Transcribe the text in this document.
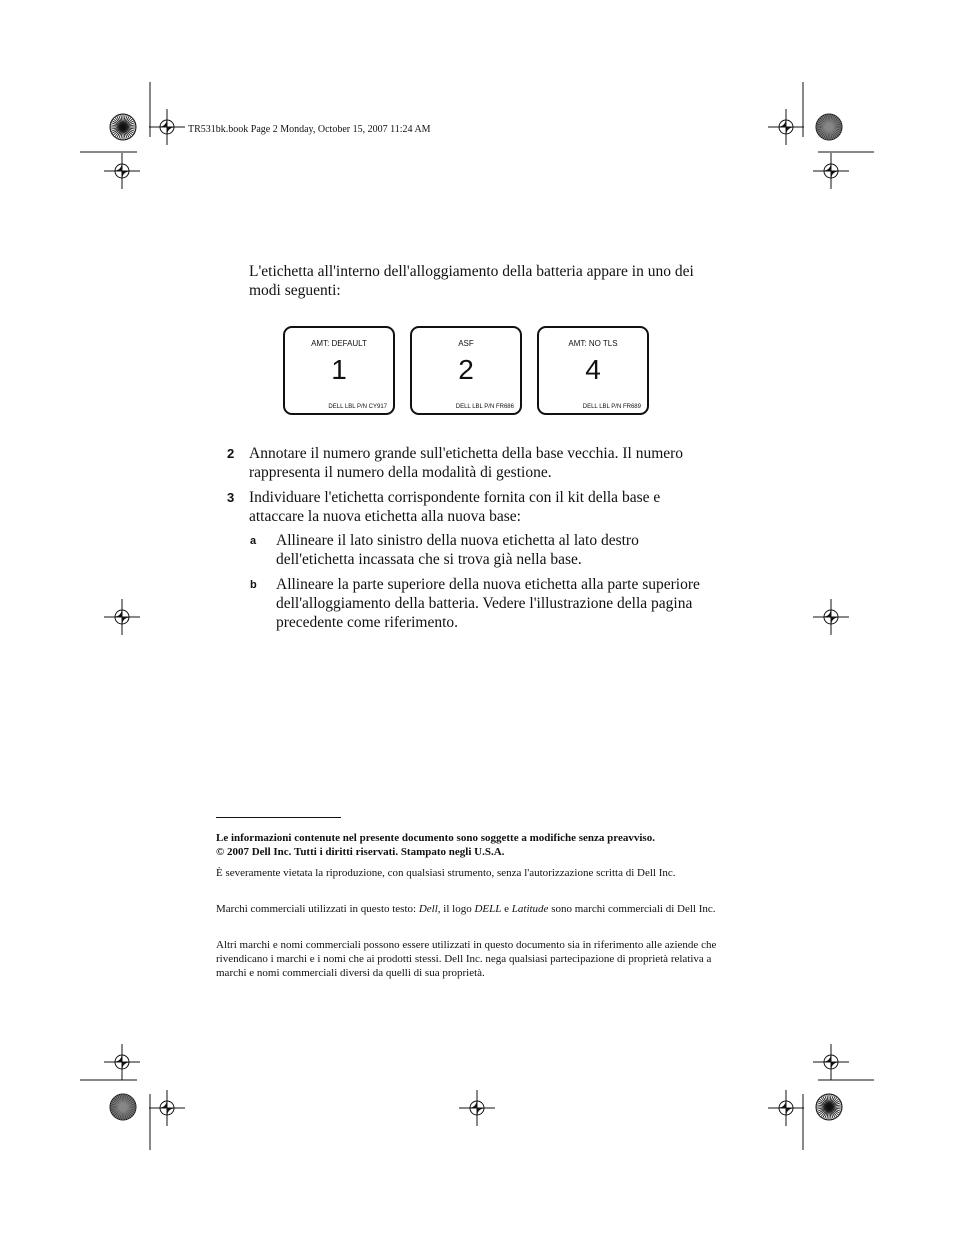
TR531bk.book Page 2 Monday, October 15, 2007 11:24 AM
L'etichetta all'interno dell'alloggiamento della batteria appare in uno dei modi seguenti:
AMT: DEFAULT
1
DELL LBL P/N CY917
ASF
2
DELL LBL P/N FR686
AMT: NO TLS
4
DELL LBL P/N FR689
2 Annotare il numero grande sull'etichetta della base vecchia. Il numero rappresenta il numero della modalità di gestione.
3 Individuare l'etichetta corrispondente fornita con il kit della base e attaccare la nuova etichetta alla nuova base:
a Allineare il lato sinistro della nuova etichetta al lato destro dell'etichetta incassata che si trova già nella base.
b Allineare la parte superiore della nuova etichetta alla parte superiore dell'alloggiamento della batteria. Vedere l'illustrazione della pagina precedente come riferimento.
Le informazioni contenute nel presente documento sono soggette a modifiche senza preavviso.
© 2007 Dell Inc. Tutti i diritti riservati. Stampato negli U.S.A.
È severamente vietata la riproduzione, con qualsiasi strumento, senza l'autorizzazione scritta di Dell Inc.
Marchi commerciali utilizzati in questo testo: Dell, il logo DELL e Latitude sono marchi commerciali di Dell Inc.
Altri marchi e nomi commerciali possono essere utilizzati in questo documento sia in riferimento alle aziende che rivendicano i marchi e i nomi che ai prodotti stessi. Dell Inc. nega qualsiasi partecipazione di proprietà relativa a marchi e nomi commerciali diversi da quelli di sua proprietà.
